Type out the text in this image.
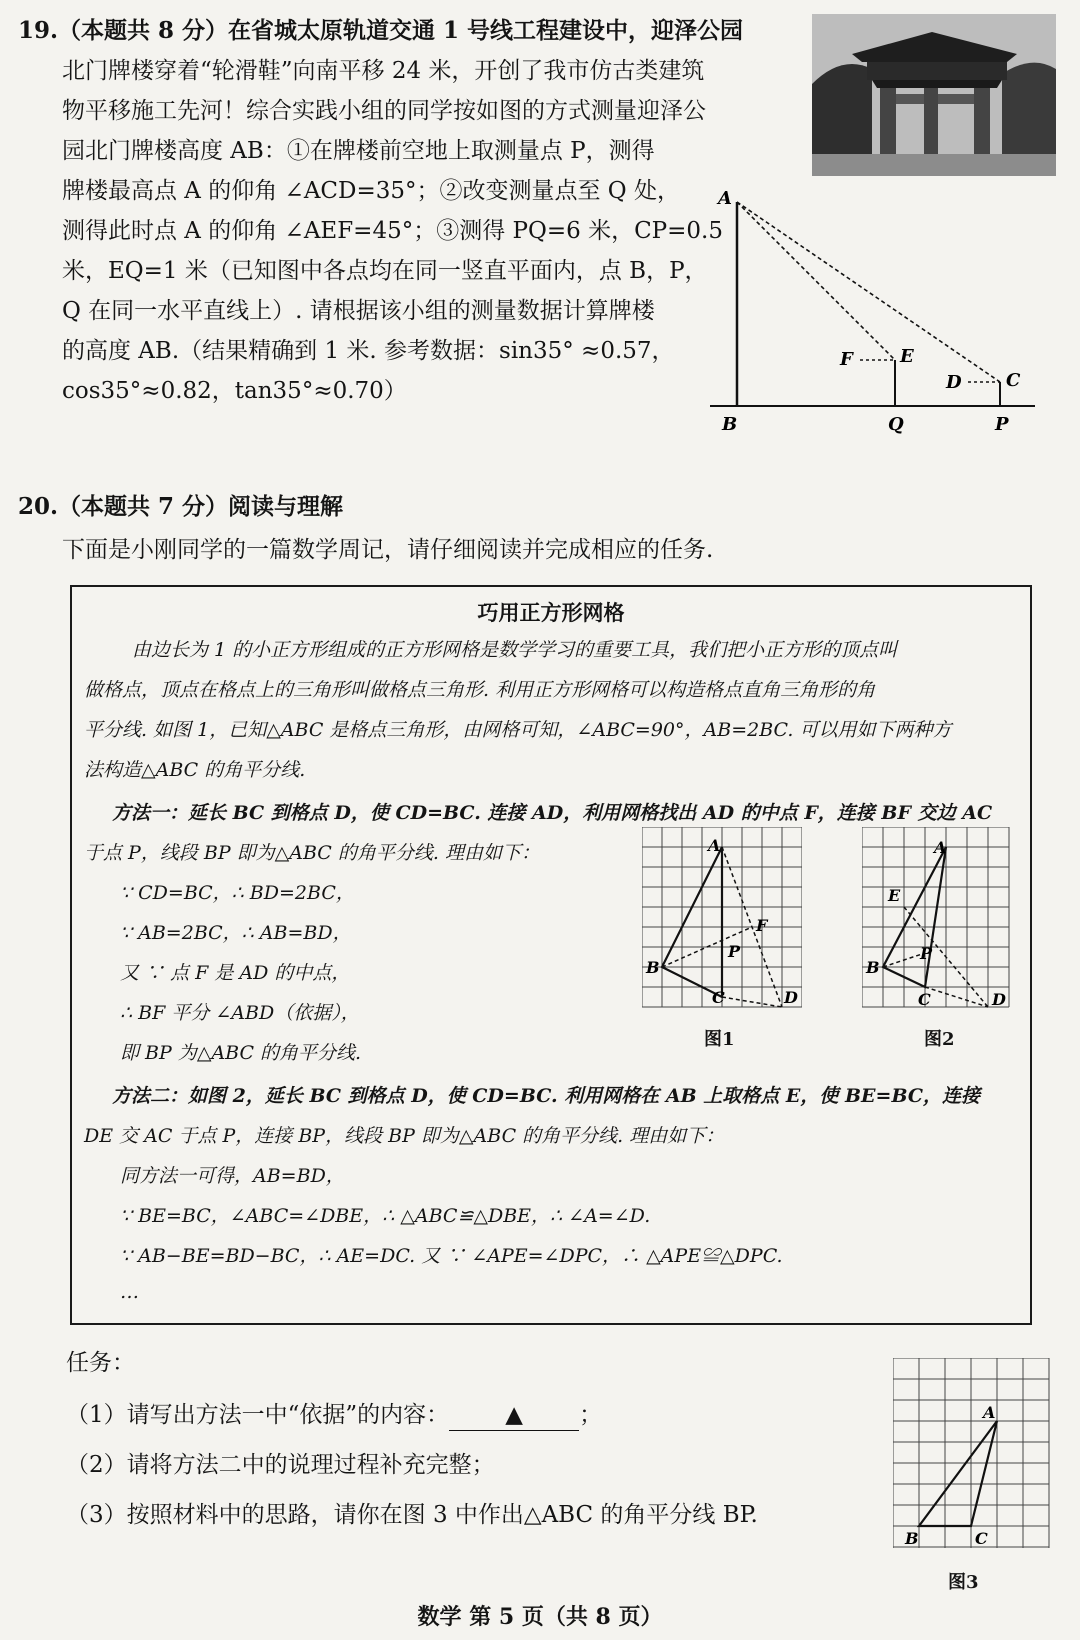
19.（本题共 8 分）在省城太原轨道交通 1 号线工程建设中，迎泽公园
北门牌楼穿着“轮滑鞋”向南平移 24 米，开创了我市仿古类建筑
物平移施工先河！综合实践小组的同学按如图的方式测量迎泽公
园北门牌楼高度 AB：①在牌楼前空地上取测量点 P，测得
牌楼最高点 A 的仰角 ∠ACD=35°；②改变测量点至 Q 处，
测得此时点 A 的仰角 ∠AEF=45°；③测得 PQ=6 米，CP=0.5
米，EQ=1 米（已知图中各点均在同一竖直平面内，点 B，P，
Q 在同一水平直线上）. 请根据该小组的测量数据计算牌楼
的高度 AB.（结果精确到 1 米. 参考数据：sin35° ≈0.57，
cos35°≈0.82，tan35°≈0.70）
A
B	Q	P
F	E
D C
20.（本题共 7 分）阅读与理解
下面是小刚同学的一篇数学周记，请仔细阅读并完成相应的任务.
巧用正方形网格
由边长为 1 的小正方形组成的正方形网格是数学学习的重要工具，我们把小正方形的顶点叫
做格点，顶点在格点上的三角形叫做格点三角形. 利用正方形网格可以构造格点直角三角形的角
平分线. 如图 1，已知△ABC 是格点三角形，由网格可知，∠ABC=90°，AB=2BC. 可以用如下两种方
法构造△ABC 的角平分线.
方法一：延长 BC 到格点 D，使 CD=BC. 连接 AD，利用网格找出 AD 的中点 F，连接 BF 交边 AC
于点 P，线段 BP 即为△ABC 的角平分线. 理由如下：
∵ CD=BC，∴ BD=2BC，
∵ AB=2BC，∴ AB=BD，
又 ∵ 点 F 是 AD 的中点，
∴ BF 平分 ∠ABD（依据），
即 BP 为△ABC 的角平分线.
方法二：如图 2，延长 BC 到格点 D，使 CD=BC. 利用网格在 AB 上取格点 E，使 BE=BC，连接
DE 交 AC 于点 P，连接 BP，线段 BP 即为△ABC 的角平分线. 理由如下：
同方法一可得，AB=BD，
∵ BE=BC，∠ABC=∠DBE，∴ △ABC≌△DBE，∴ ∠A=∠D.
∵ AB−BE=BD−BC，∴ AE=DC. 又 ∵ ∠APE=∠DPC，∴ △APE≌△DPC.
…
A
B
C	D
F
P
图1
A
B
C	D
E
P
图2
任务：
（1）请写出方法一中“依据”的内容： ▲ ；
（2）请将方法二中的说理过程补充完整；
（3）按照材料中的思路，请你在图 3 中作出△ABC 的角平分线 BP.
A
B	C
图3
数学 第 5 页（共 8 页）
